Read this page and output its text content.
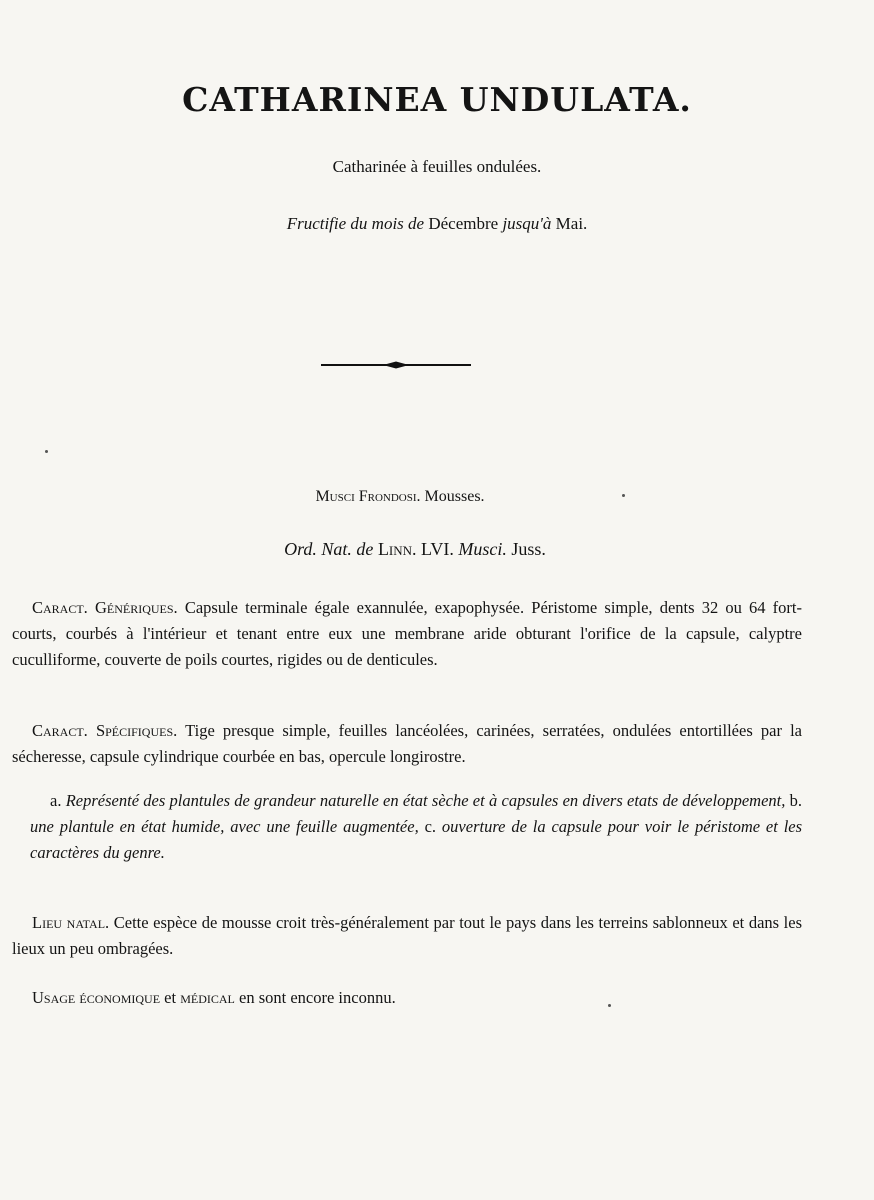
CATHARINEA UNDULATA.
Catharinée à feuilles ondulées.
Fructifie du mois de Décembre jusqu'à Mai.
Musci Frondosi. Mousses.
Ord. Nat. de Linn. LVI. Musci. Juss.
Caract. Génériques. Capsule terminale égale exannulée, exapophysée. Péristome simple, dents 32 ou 64 fort-courts, courbés à l'intérieur et tenant entre eux une membrane aride obturant l'orifice de la capsule, calyptre cuculliforme, couverte de poils courtes, rigides ou de denticules.
Caract. Spécifiques. Tige presque simple, feuilles lancéolées, carinées, serratées, ondulées entortillées par la sécheresse, capsule cylindrique courbée en bas, opercule longirostre.
a. Représenté des plantules de grandeur naturelle en état sèche et à capsules en divers etats de développement, b. une plantule en état humide, avec une feuille augmentée, c. ouverture de la capsule pour voir le péristome et les caractères du genre.
Lieu natal. Cette espèce de mousse croit très-généralement par tout le pays dans les terreins sablonneux et dans les lieux un peu ombragées.
Usage économique et médical en sont encore inconnu.
